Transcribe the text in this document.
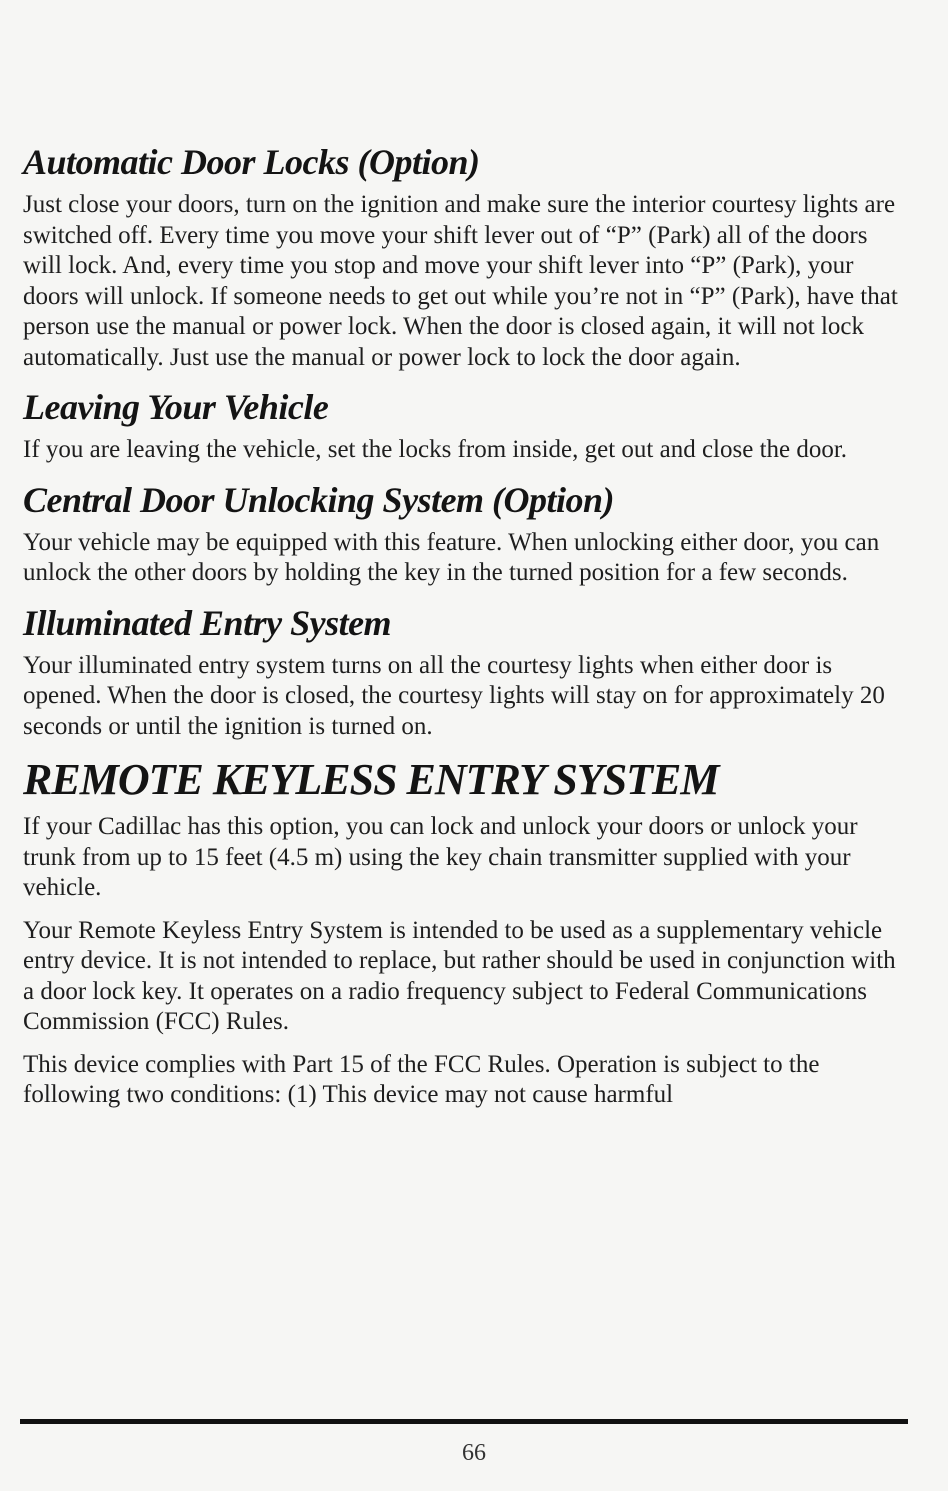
Automatic Door Locks (Option)

Just close your doors, turn on the ignition and make sure the interior courtesy lights are switched off. Every time you move your shift lever out of “P” (Park) all of the doors will lock. And, every time you stop and move your shift lever into “P” (Park), your doors will unlock. If someone needs to get out while you’re not in “P” (Park), have that person use the manual or power lock. When the door is closed again, it will not lock automatically. Just use the manual or power lock to lock the door again.

Leaving Your Vehicle

If you are leaving the vehicle, set the locks from inside, get out and close the door.

Central Door Unlocking System (Option)

Your vehicle may be equipped with this feature. When unlocking either door, you can unlock the other doors by holding the key in the turned position for a few seconds.

Illuminated Entry System

Your illuminated entry system turns on all the courtesy lights when either door is opened. When the door is closed, the courtesy lights will stay on for approximately 20 seconds or until the ignition is turned on.

REMOTE KEYLESS ENTRY SYSTEM

If your Cadillac has this option, you can lock and unlock your doors or unlock your trunk from up to 15 feet (4.5 m) using the key chain transmitter supplied with your vehicle.

Your Remote Keyless Entry System is intended to be used as a supplementary vehicle entry device. It is not intended to replace, but rather should be used in conjunction with a door lock key. It operates on a radio frequency subject to Federal Communications Commission (FCC) Rules.

This device complies with Part 15 of the FCC Rules. Operation is subject to the following two conditions: (1) This device may not cause harmful

66
